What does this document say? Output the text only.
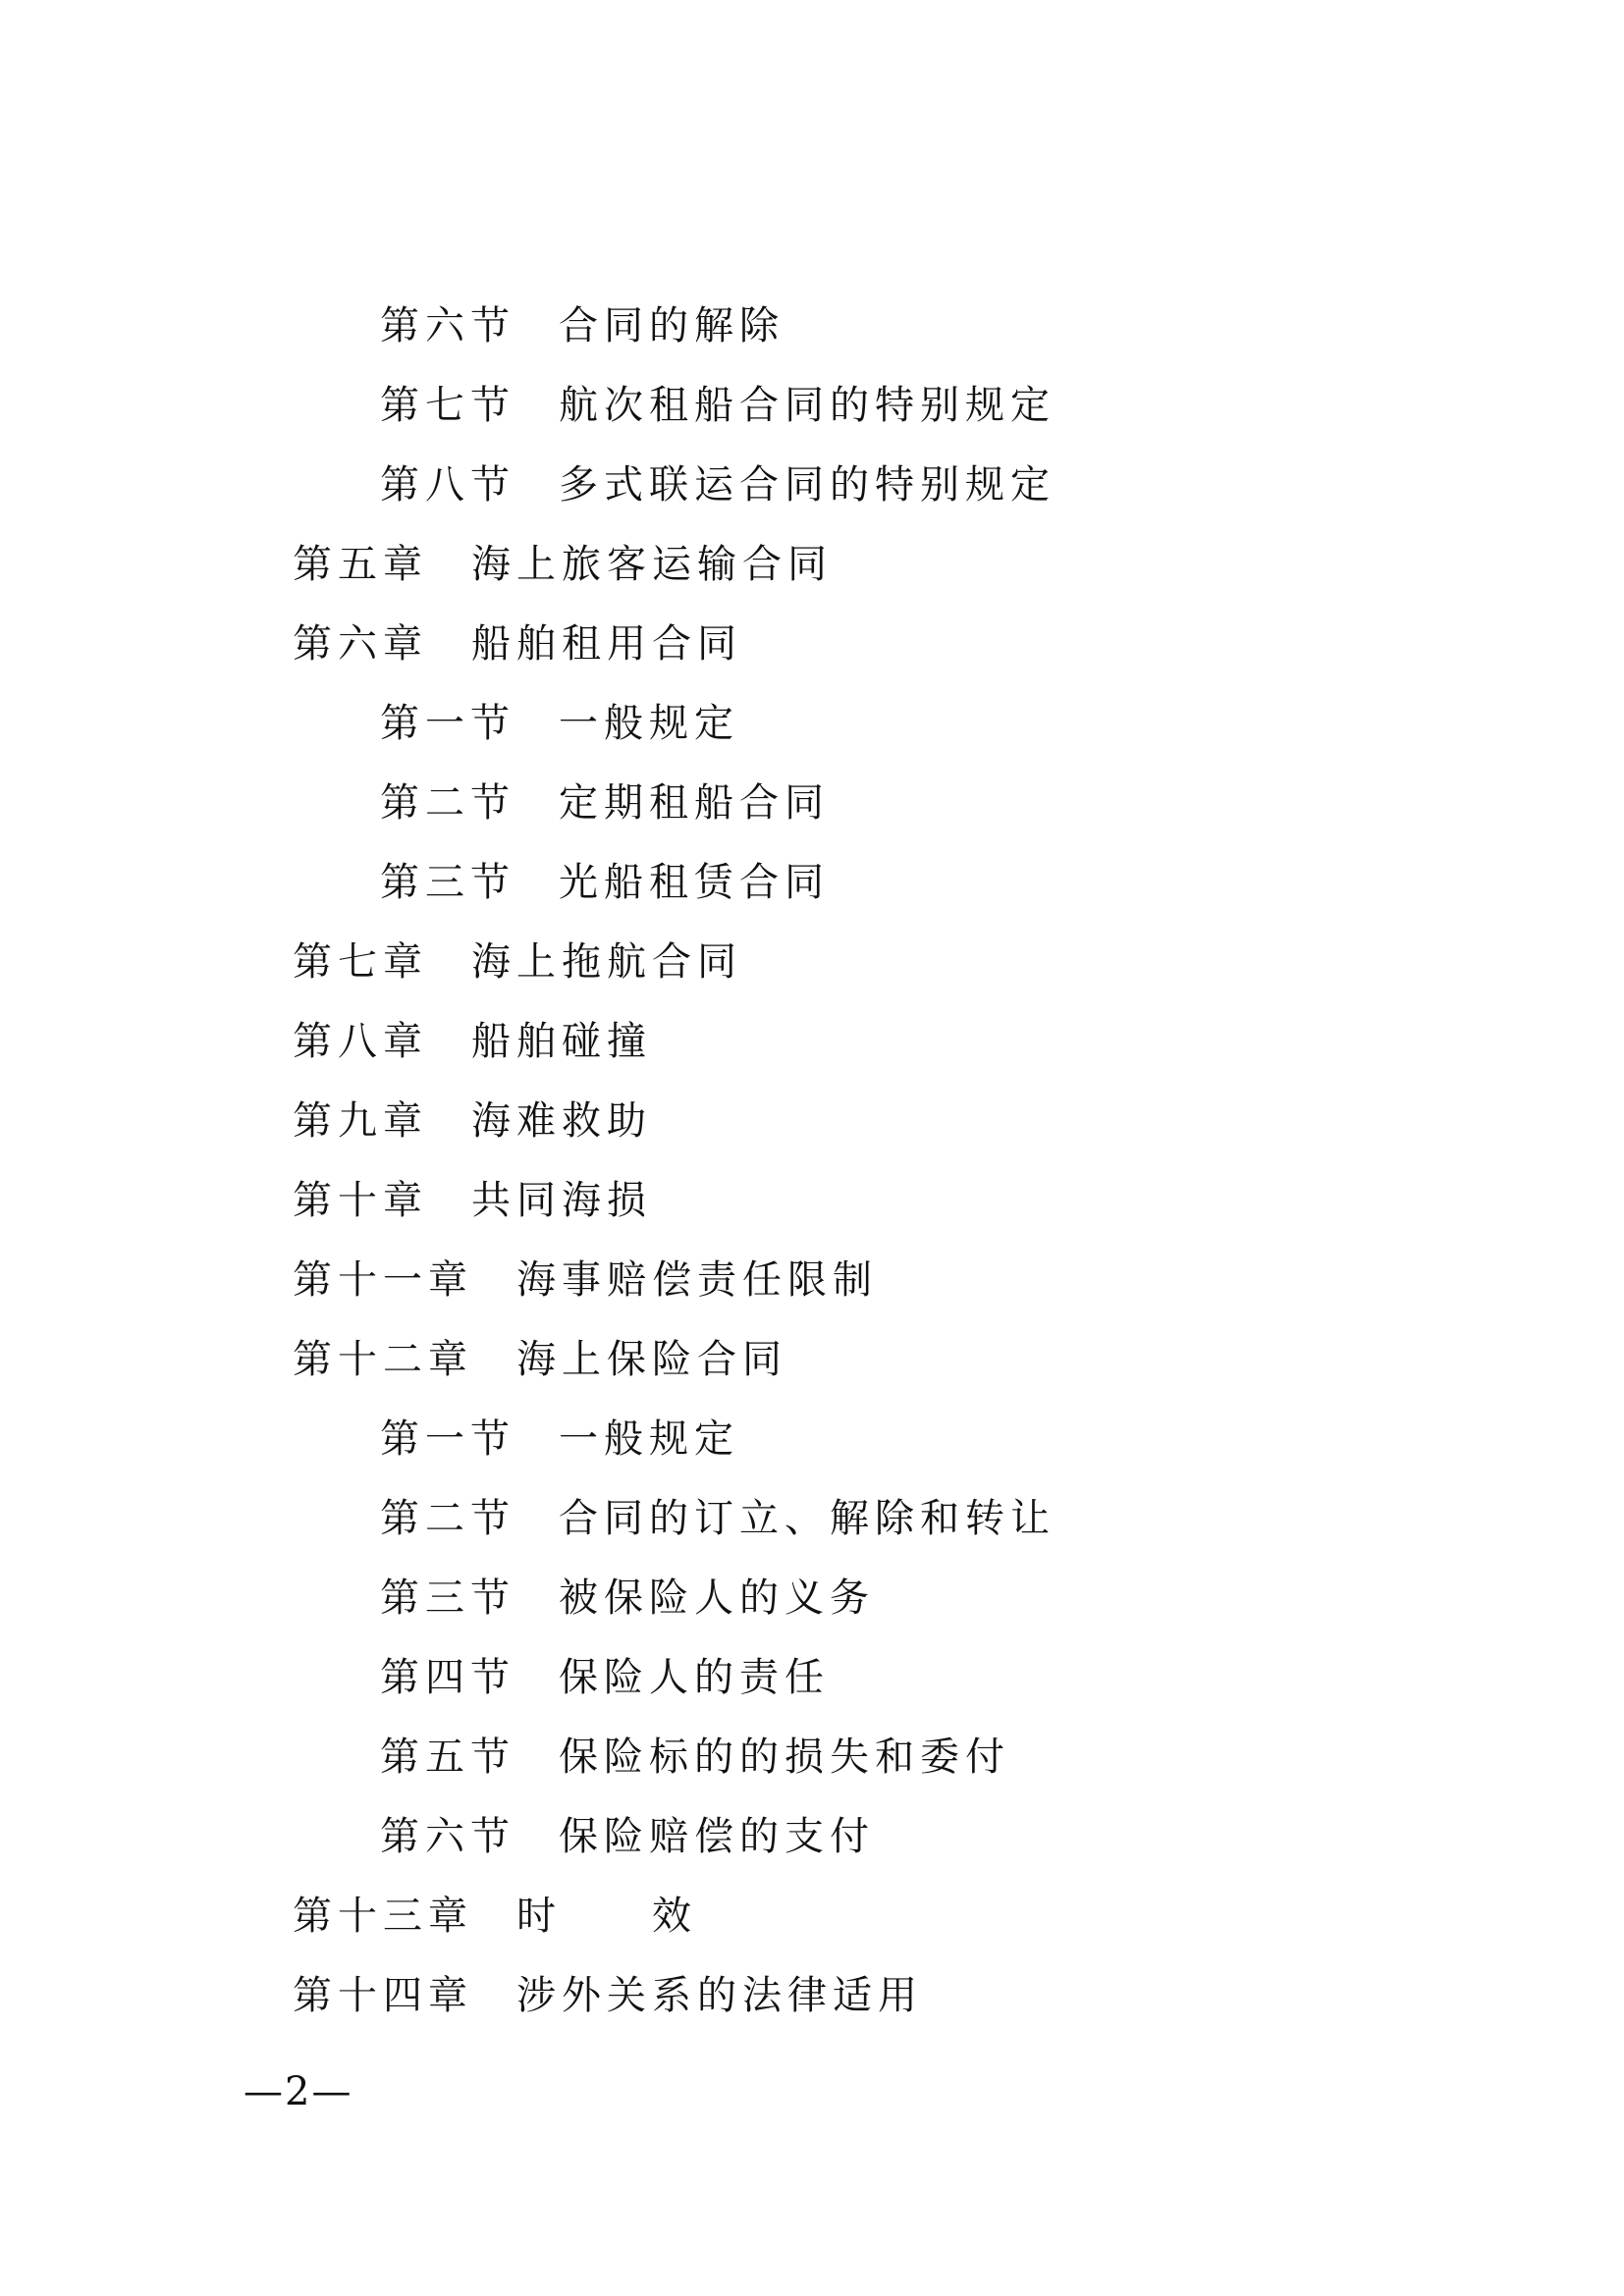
第六节 合同的解除
第七节 航次租船合同的特别规定
第八节 多式联运合同的特别规定
第五章 海上旅客运输合同
第六章 船舶租用合同
第一节 一般规定
第二节 定期租船合同
第三节 光船租赁合同
第七章 海上拖航合同
第八章 船舶碰撞
第九章 海难救助
第十章 共同海损
第十一章 海事赔偿责任限制
第十二章 海上保险合同
第一节 一般规定
第二节 合同的订立、解除和转让
第三节 被保险人的义务
第四节 保险人的责任
第五节 保险标的的损失和委付
第六节 保险赔偿的支付
第十三章 时　　效
第十四章 涉外关系的法律适用
—2—
